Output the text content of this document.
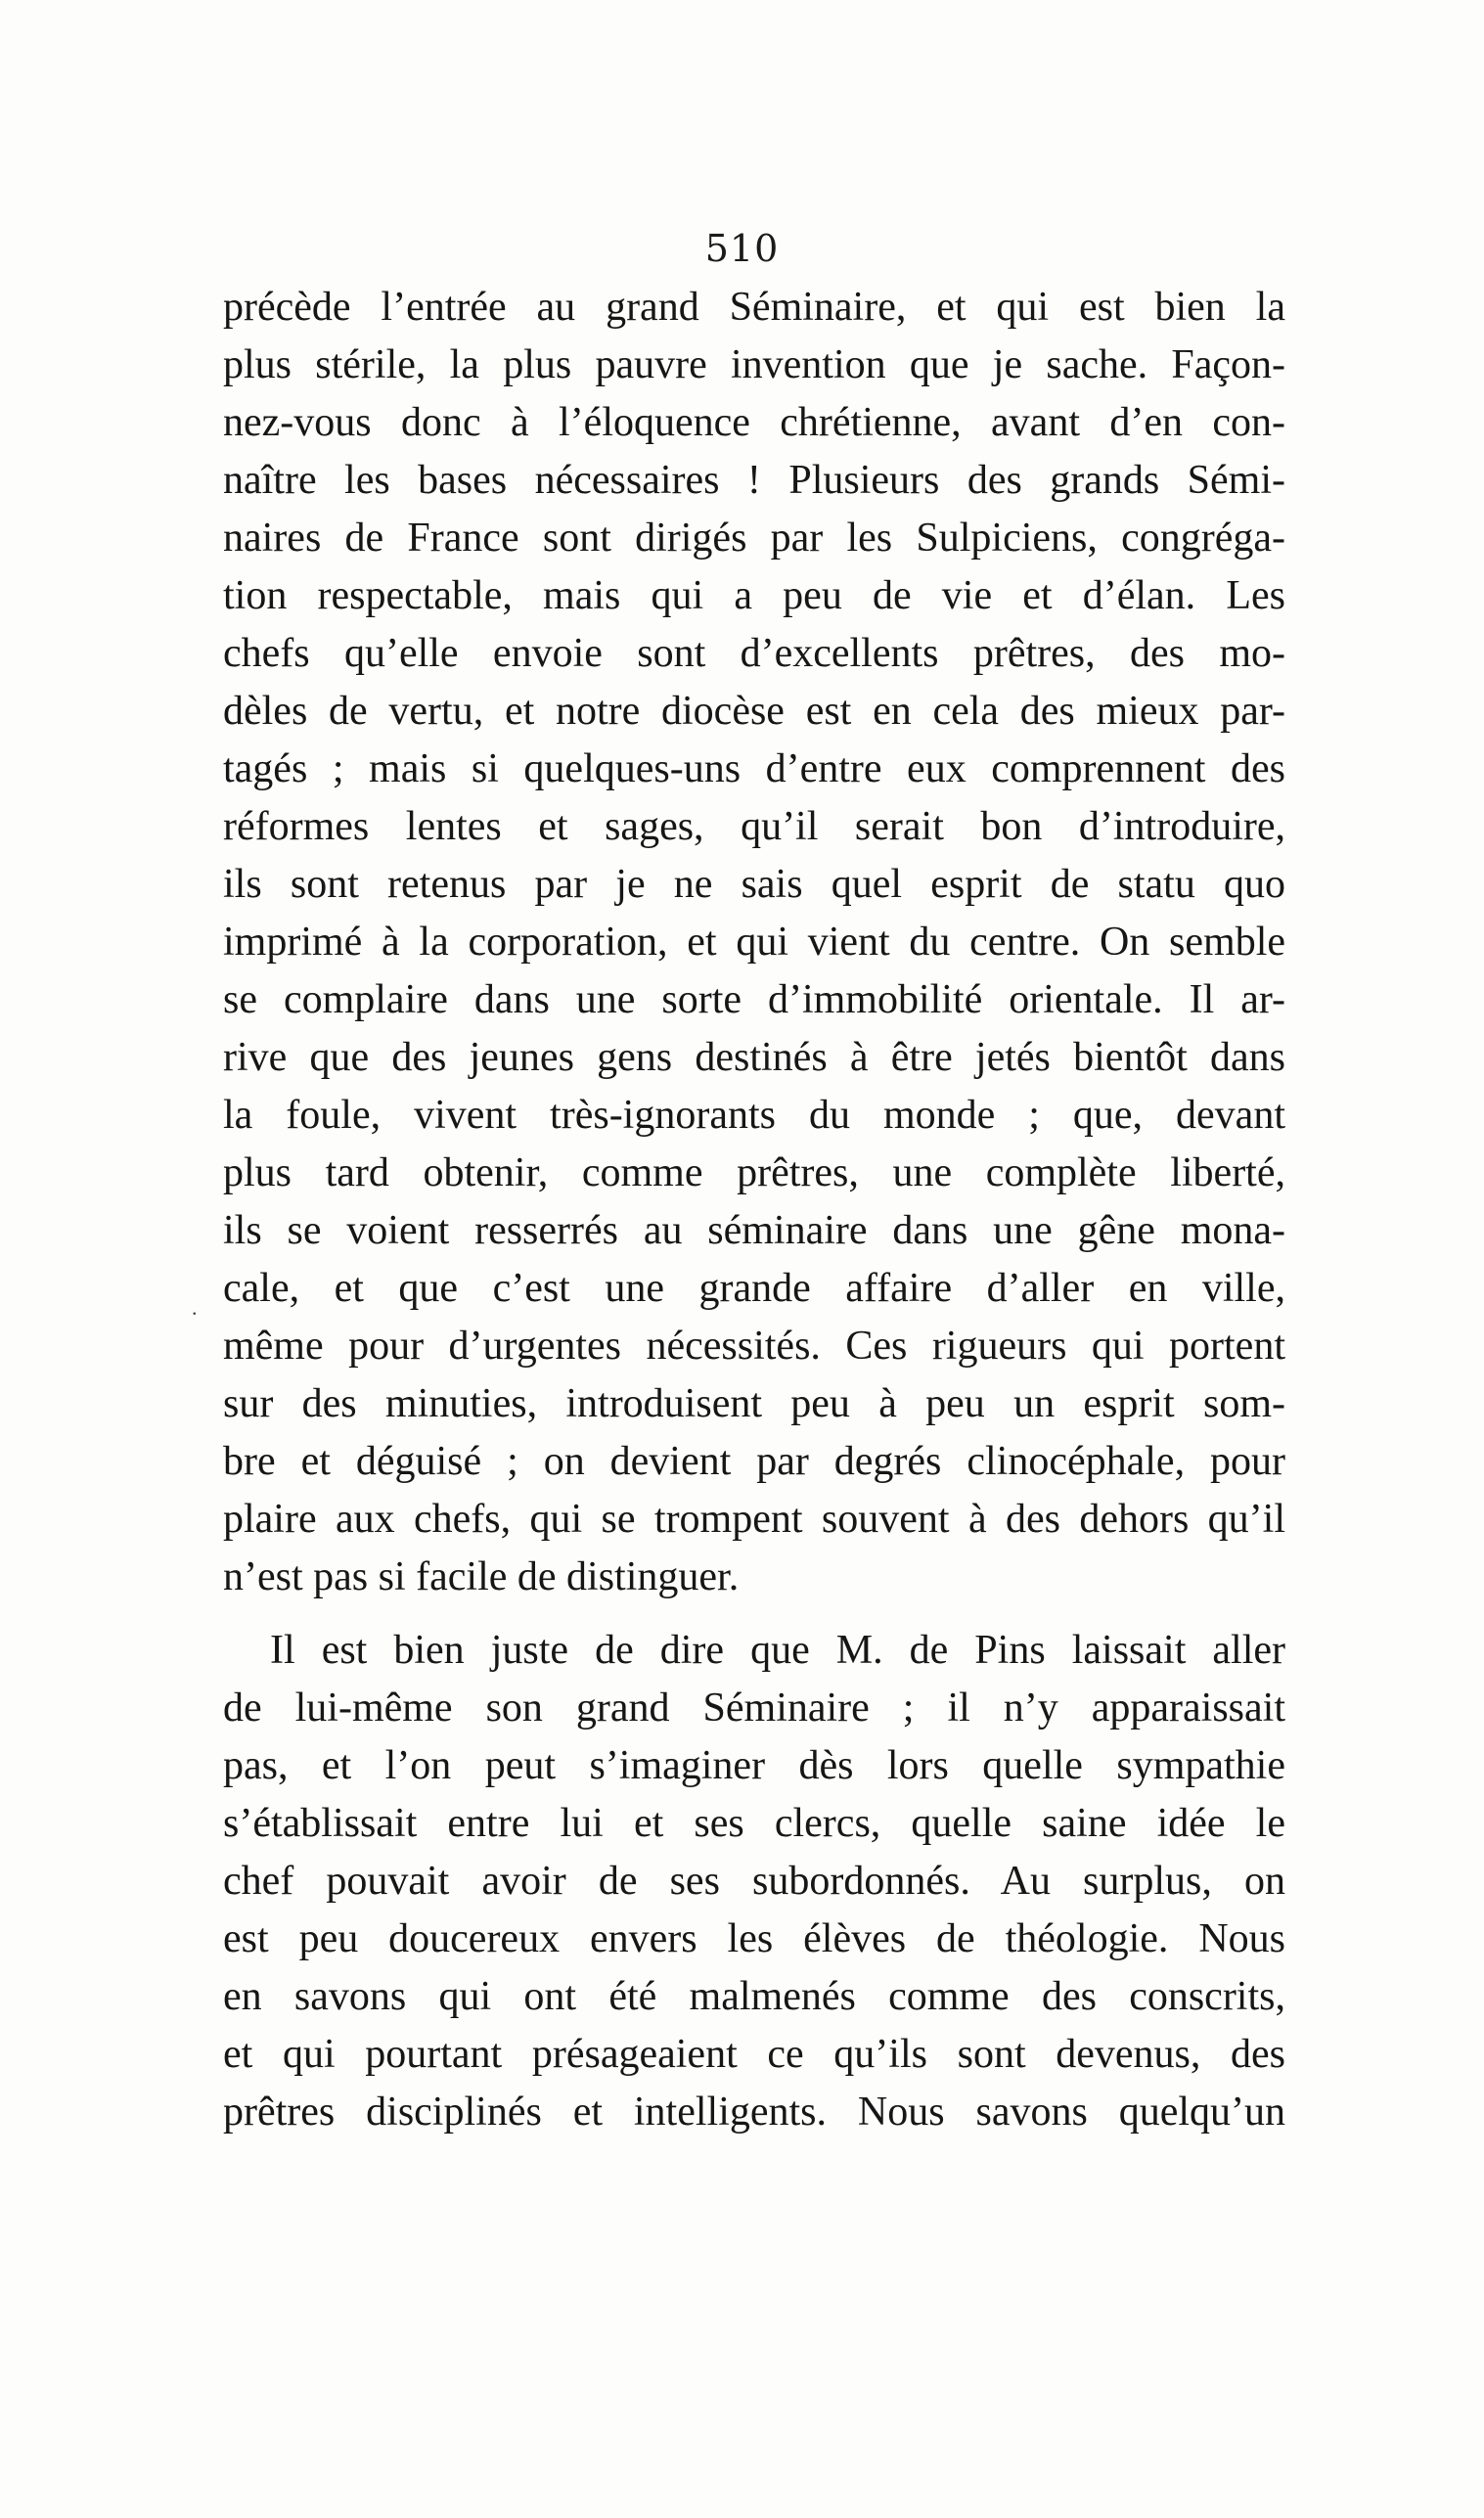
510
.
précède l’entrée au grand Séminaire, et qui est bien la
plus stérile, la plus pauvre invention que je sache. Façon-
nez-vous donc à l’éloquence chrétienne, avant d’en con-
naître les bases nécessaires ! Plusieurs des grands Sémi-
naires de France sont dirigés par les Sulpiciens, congréga-
tion respectable, mais qui a peu de vie et d’élan. Les
chefs qu’elle envoie sont d’excellents prêtres, des mo-
dèles de vertu, et notre diocèse est en cela des mieux par-
tagés ; mais si quelques-uns d’entre eux comprennent des
réformes lentes et sages, qu’il serait bon d’introduire,
ils sont retenus par je ne sais quel esprit de statu quo
imprimé à la corporation, et qui vient du centre. On semble
se complaire dans une sorte d’immobilité orientale. Il ar-
rive que des jeunes gens destinés à être jetés bientôt dans
la foule, vivent très-ignorants du monde ; que, devant
plus tard obtenir, comme prêtres, une complète liberté,
ils se voient resserrés au séminaire dans une gêne mona-
cale, et que c’est une grande affaire d’aller en ville,
même pour d’urgentes nécessités. Ces rigueurs qui portent
sur des minuties, introduisent peu à peu un esprit som-
bre et déguisé ; on devient par degrés clinocéphale, pour
plaire aux chefs, qui se trompent souvent à des dehors qu’il
n’est pas si facile de distinguer.
Il est bien juste de dire que M. de Pins laissait aller
de lui-même son grand Séminaire ; il n’y apparaissait
pas, et l’on peut s’imaginer dès lors quelle sympathie
s’établissait entre lui et ses clercs, quelle saine idée le
chef pouvait avoir de ses subordonnés. Au surplus, on
est peu doucereux envers les élèves de théologie. Nous
en savons qui ont été malmenés comme des conscrits,
et qui pourtant présageaient ce qu’ils sont devenus, des
prêtres disciplinés et intelligents. Nous savons quelqu’un
